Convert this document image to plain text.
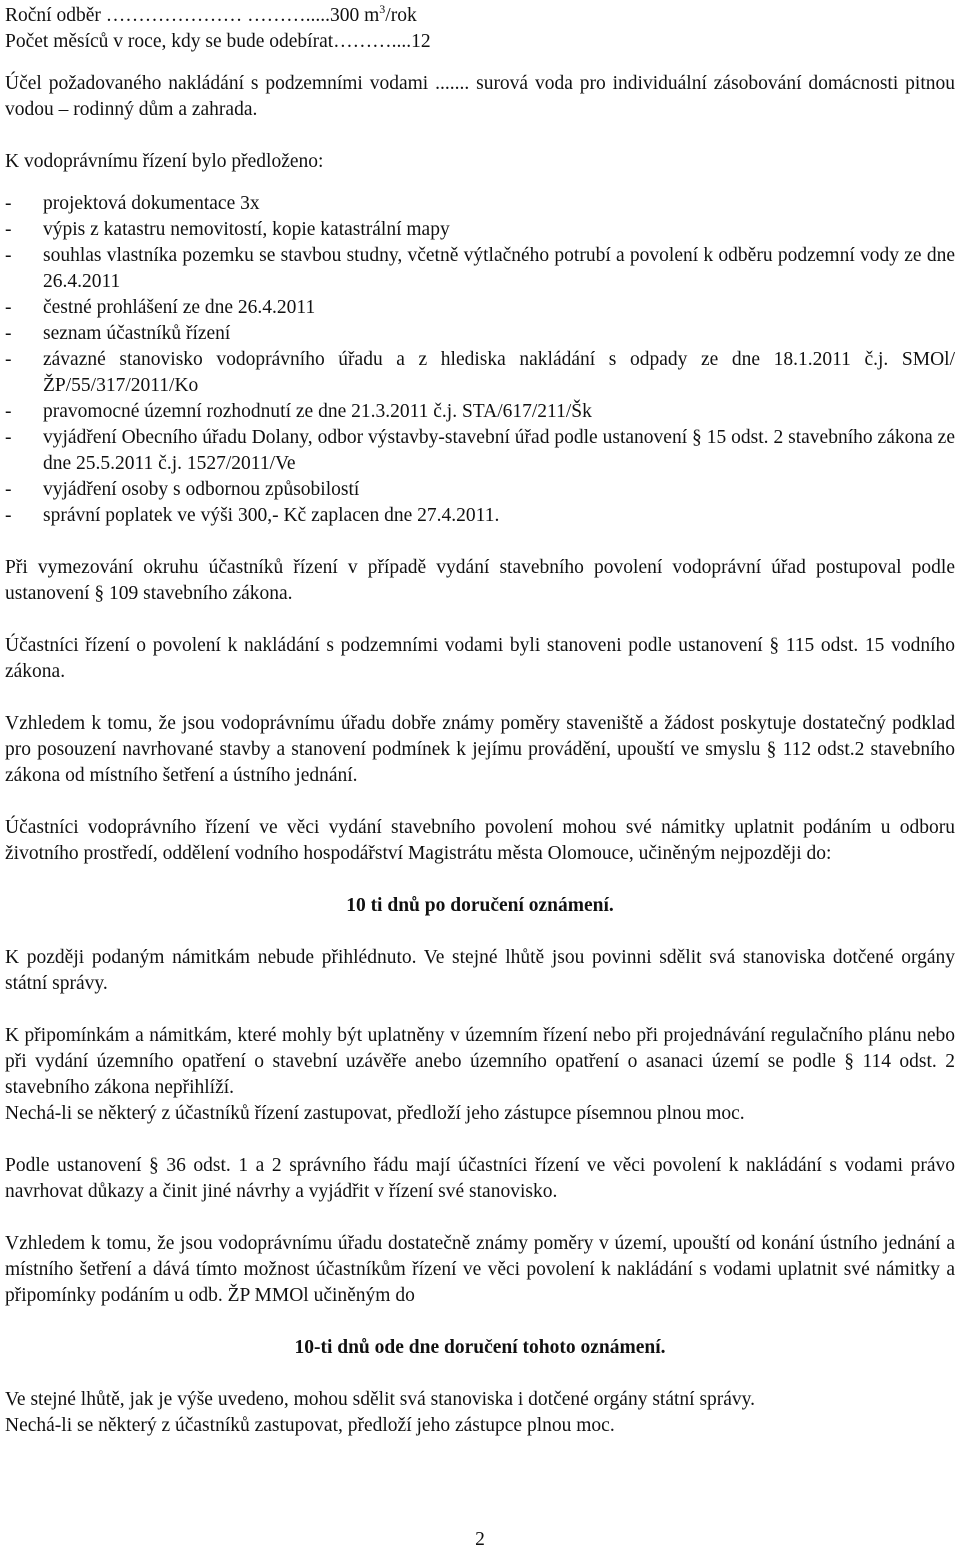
Roční odběr ………………… ……….....300 $m^3$/rok

Počet měsíců v roce, kdy se bude odebírat………....12

Účel požadovaného nakládání s podzemními vodami ....... surová voda pro individuální zásobování domácnosti pitnou vodou – rodinný dům a zahrada.

K vodoprávnímu řízení bylo předloženo:

- projektová dokumentace 3x

- výpis z katastru nemovitostí, kopie katastrální mapy

- souhlas vlastníka pozemku se stavbou studny, včetně výtlačného potrubí a povolení k odběru podzemní vody ze dne 26.4.2011

- čestné prohlášení ze dne 26.4.2011

- seznam účastníků řízení

- závazné stanovisko vodoprávního úřadu a z hlediska nakládání s odpady ze dne 18.1.2011 č.j. SMOl/ŽP/55/317/2011/Ko

- pravomocné územní rozhodnutí ze dne 21.3.2011 č.j. STA/617/211/Šk

- vyjádření Obecního úřadu Dolany, odbor výstavby-stavební úřad podle ustanovení § 15 odst. 2 stavebního zákona ze dne 25.5.2011 č.j. 1527/2011/Ve

- vyjádření osoby s odbornou způsobilostí

- správní poplatek ve výši 300,- Kč zaplacen dne 27.4.2011.

Při vymezování okruhu účastníků řízení v případě vydání stavebního povolení vodoprávní úřad postupoval podle ustanovení § 109 stavebního zákona.

Účastníci řízení o povolení k nakládání s podzemními vodami byli stanoveni podle ustanovení § 115 odst. 15 vodního zákona.

Vzhledem k tomu, že jsou vodoprávnímu úřadu dobře známy poměry staveniště a žádost poskytuje dostatečný podklad pro posouzení navrhované stavby a stanovení podmínek k jejímu provádění, upouští ve smyslu § 112 odst.2 stavebního zákona od místního šetření a ústního jednání.

Účastníci vodoprávního řízení ve věci vydání stavebního povolení mohou své námitky uplatnit podáním u odboru životního prostředí, oddělení vodního hospodářství Magistrátu města Olomouce, učiněným nejpozději do:

10 ti dnů po doručení oznámení.

K později podaným námitkám nebude přihlédnuto. Ve stejné lhůtě jsou povinni sdělit svá stanoviska dotčené orgány státní správy.

K připomínkám a námitkám, které mohly být uplatněny v územním řízení nebo při projednávání regulačního plánu nebo při vydání územního opatření o stavební uzávěře anebo územního opatření o asanaci území se podle § 114 odst. 2 stavebního zákona nepřihlíží.

Nechá-li se některý z účastníků řízení zastupovat, předloží jeho zástupce písemnou plnou moc.

Podle ustanovení § 36 odst. 1 a 2 správního řádu mají účastníci řízení ve věci povolení k nakládání s vodami právo navrhovat důkazy a činit jiné návrhy a vyjádřit v řízení své stanovisko.

Vzhledem k tomu, že jsou vodoprávnímu úřadu dostatečně známy poměry v území, upouští od konání ústního jednání a místního šetření a dává tímto možnost účastníkům řízení ve věci povolení k nakládání s vodami uplatnit své námitky a připomínky podáním u odb. ŽP MMOl učiněným do

10-ti dnů ode dne doručení tohoto oznámení.

Ve stejné lhůtě, jak je výše uvedeno, mohou sdělit svá stanoviska i dotčené orgány státní správy.

Nechá-li se některý z účastníků zastupovat, předloží jeho zástupce plnou moc.

2
